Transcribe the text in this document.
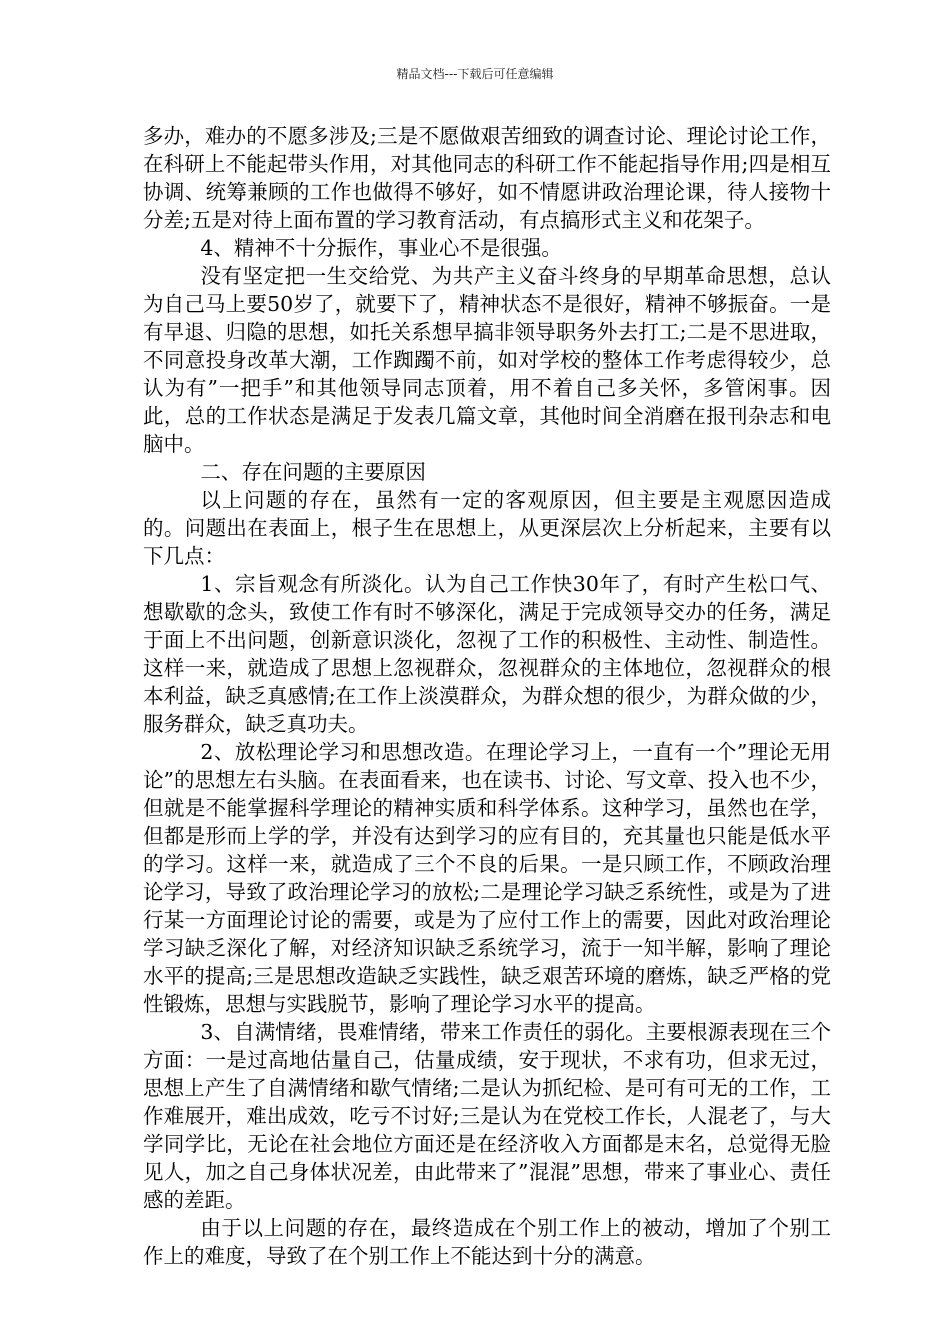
精品文档---下载后可任意编辑

多办，难办的不愿多涉及;三是不愿做艰苦细致的调查讨论、理论讨论工作，在科研上不能起带头作用，对其他同志的科研工作不能起指导作用;四是相互协调、统筹兼顾的工作也做得不够好，如不情愿讲政治理论课，待人接物十分差;五是对待上面布置的学习教育活动，有点搞形式主义和花架子。

4、精神不十分振作，事业心不是很强。

没有坚定把一生交给党、为共产主义奋斗终身的早期革命思想，总认为自己马上要50岁了，就要下了，精神状态不是很好，精神不够振奋。一是有早退、归隐的思想，如托关系想早搞非领导职务外去打工;二是不思进取，不同意投身改革大潮，工作踟躅不前，如对学校的整体工作考虑得较少，总认为有”一把手”和其他领导同志顶着，用不着自己多关怀，多管闲事。因此，总的工作状态是满足于发表几篇文章，其他时间全消磨在报刊杂志和电脑中。

二、存在问题的主要原因

以上问题的存在，虽然有一定的客观原因，但主要是主观愿因造成的。问题出在表面上，根子生在思想上，从更深层次上分析起来，主要有以下几点：

1、宗旨观念有所淡化。认为自己工作快30年了，有时产生松口气、想歇歇的念头，致使工作有时不够深化，满足于完成领导交办的任务，满足于面上不出问题，创新意识淡化，忽视了工作的积极性、主动性、制造性。这样一来，就造成了思想上忽视群众，忽视群众的主体地位，忽视群众的根本利益，缺乏真感情;在工作上淡漠群众，为群众想的很少，为群众做的少，服务群众，缺乏真功夫。

2、放松理论学习和思想改造。在理论学习上，一直有一个”理论无用论”的思想左右头脑。在表面看来，也在读书、讨论、写文章、投入也不少，但就是不能掌握科学理论的精神实质和科学体系。这种学习，虽然也在学，但都是形而上学的学，并没有达到学习的应有目的，充其量也只能是低水平的学习。这样一来，就造成了三个不良的后果。一是只顾工作，不顾政治理论学习，导致了政治理论学习的放松;二是理论学习缺乏系统性，或是为了进行某一方面理论讨论的需要，或是为了应付工作上的需要，因此对政治理论学习缺乏深化了解，对经济知识缺乏系统学习，流于一知半解，影响了理论水平的提高;三是思想改造缺乏实践性，缺乏艰苦环境的磨炼，缺乏严格的党性锻炼，思想与实践脱节，影响了理论学习水平的提高。

3、自满情绪，畏难情绪，带来工作责任的弱化。主要根源表现在三个方面：一是过高地估量自己，估量成绩，安于现状，不求有功，但求无过，思想上产生了自满情绪和歇气情绪;二是认为抓纪检、是可有可无的工作，工作难展开，难出成效，吃亏不讨好;三是认为在党校工作长，人混老了，与大学同学比，无论在社会地位方面还是在经济收入方面都是末名，总觉得无脸见人，加之自己身体状况差，由此带来了”混混”思想，带来了事业心、责任感的差距。

由于以上问题的存在，最终造成在个别工作上的被动，增加了个别工作上的难度，导致了在个别工作上不能达到十分的满意。
